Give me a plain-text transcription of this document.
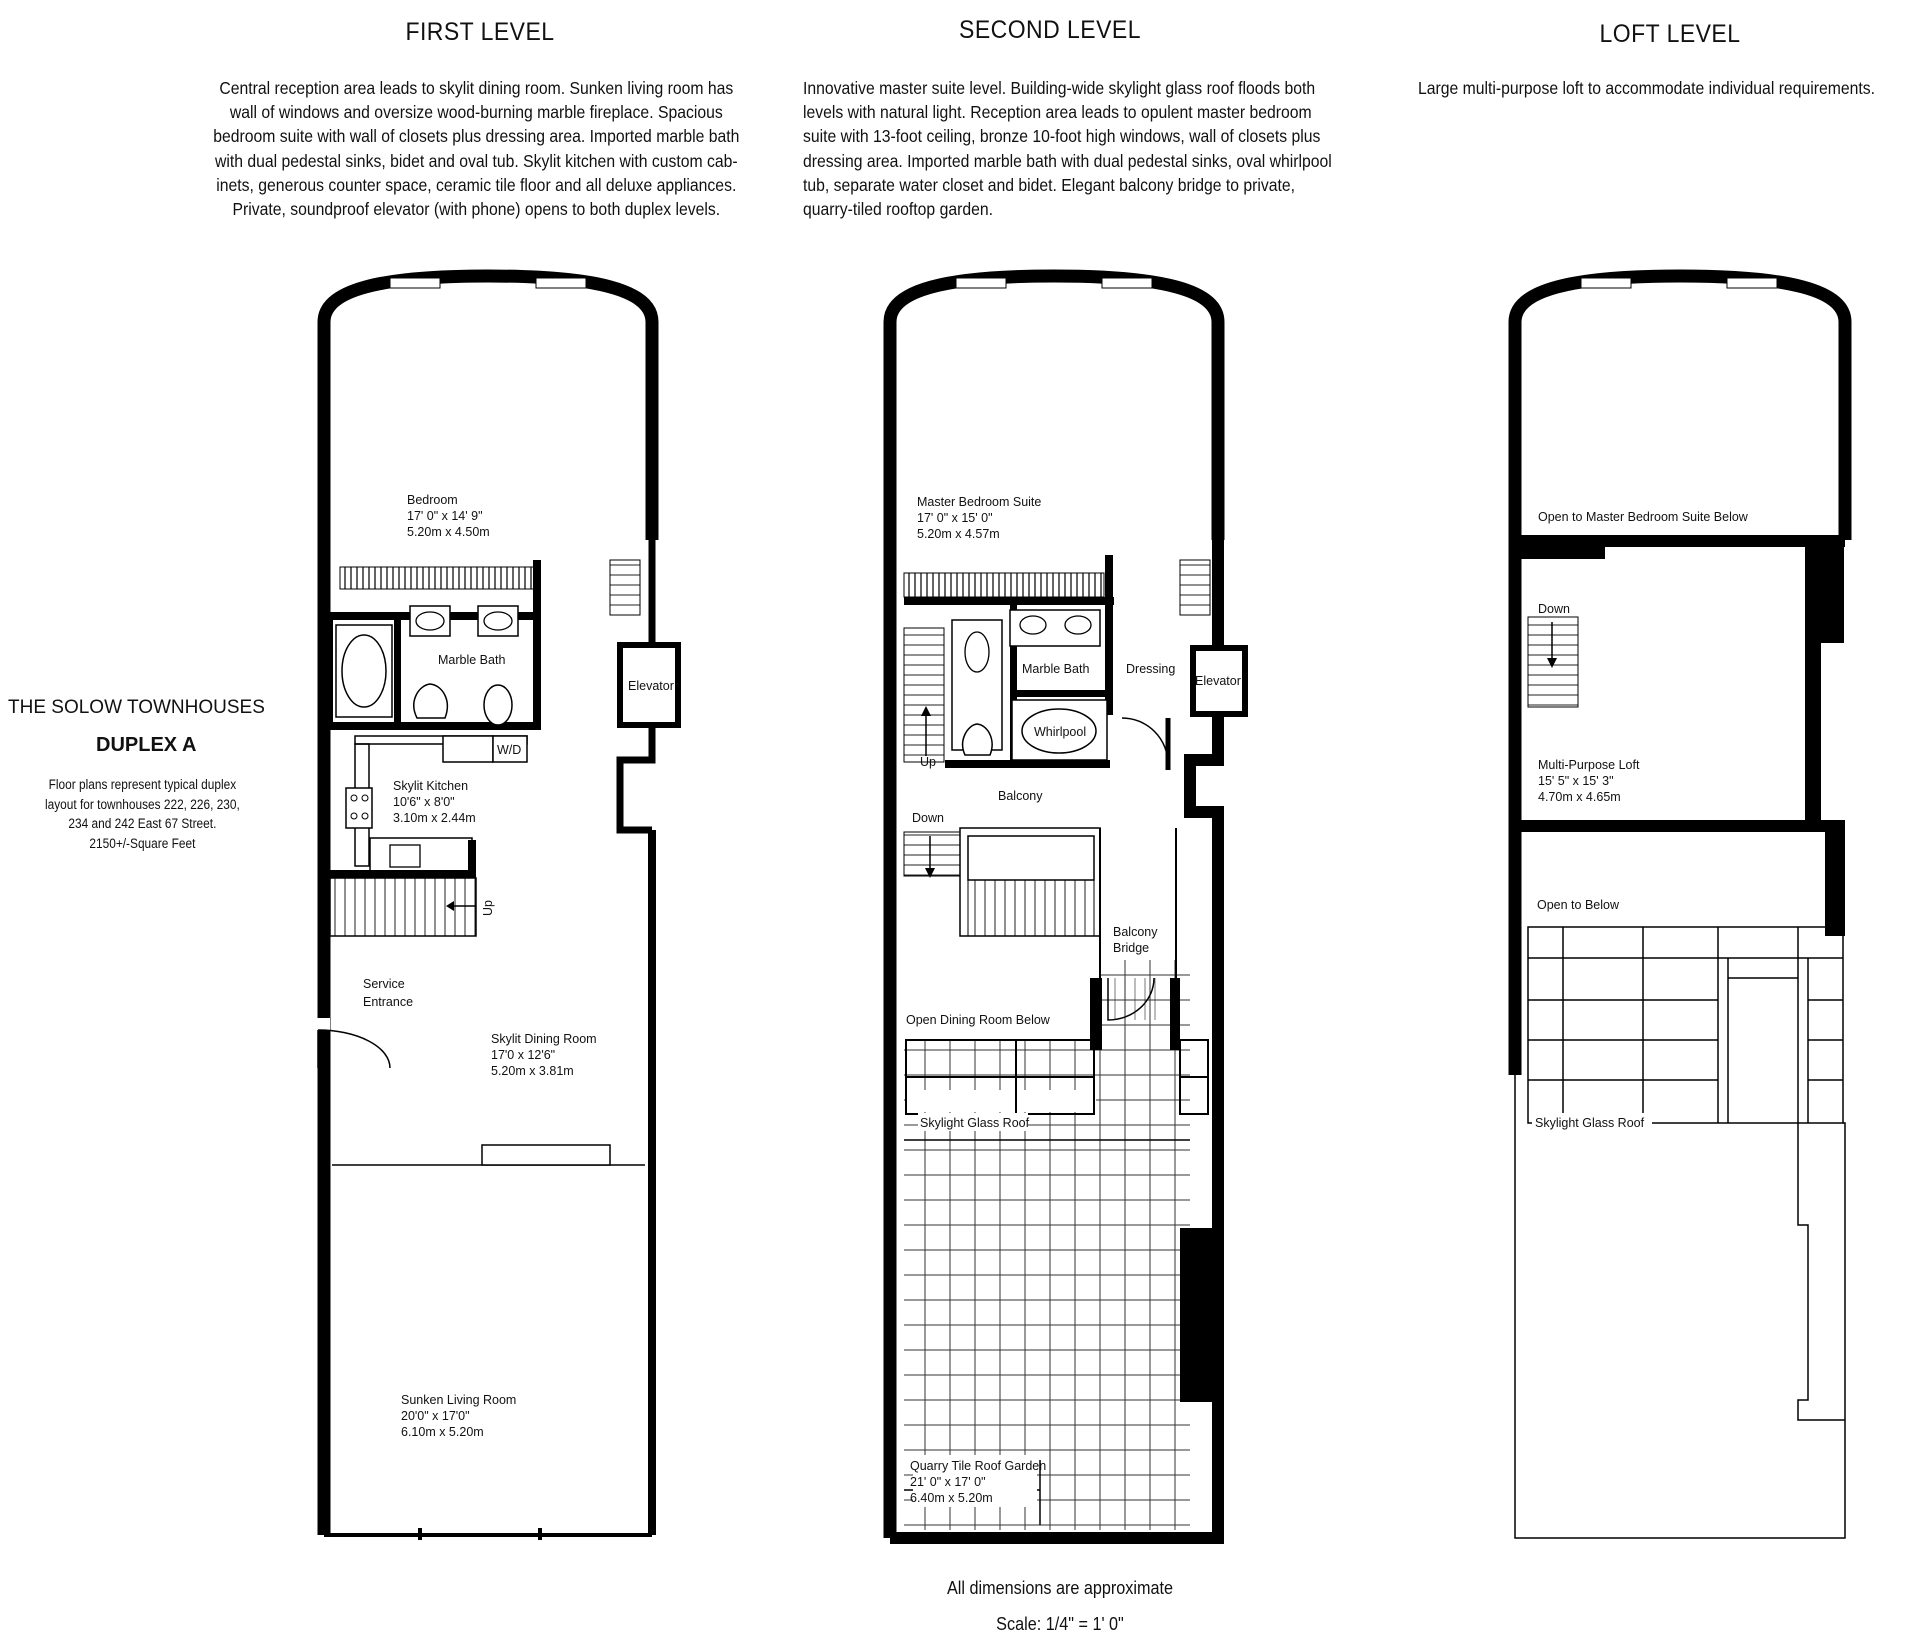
FIRST LEVEL	SECOND LEVEL	LOFT LEVEL
Central reception area leads to skylit dining room. Sunken living room has
wall of windows and oversize wood-burning marble fireplace. Spacious
bedroom suite with wall of closets plus dressing area. Imported marble bath
with dual pedestal sinks, bidet and oval tub. Skylit kitchen with custom cab-
inets, generous counter space, ceramic tile floor and all deluxe appliances.
Private, soundproof elevator (with phone) opens to both duplex levels.
Innovative master suite level. Building-wide skylight glass roof floods both
levels with natural light. Reception area leads to opulent master bedroom
suite with 13-foot ceiling, bronze 10-foot high windows, wall of closets plus
dressing area. Imported marble bath with dual pedestal sinks, oval whirlpool
tub, separate water closet and bidet. Elegant balcony bridge to private,
quarry-tiled rooftop garden.
Large multi-purpose loft to accommodate individual requirements.
THE SOLOW TOWNHOUSES
DUPLEX A
Floor plans represent typical duplex
layout for townhouses 222, 226, 230,
234 and 242 East 67 Street.
2150+/-Square Feet
All dimensions are approximate
Scale: 1/4" = 1' 0"
Bedroom
17' 0" x 14' 9"
5.20m x 4.50m
Marble Bath
Elevator
W/D
Skylit Kitchen
10'6" x 8'0"
3.10m x 2.44m
Up
Service
Entrance
Skylit Dining Room
17'0 x 12'6"
5.20m x 3.81m
Sunken Living Room
20'0" x 17'0"
6.10m x 5.20m
Master Bedroom Suite
17' 0" x 15' 0"
5.20m x 4.57m
Marble Bath	Dressing
Elevator
Whirlpool
Up
Balcony
Down
Balcony
Bridge
Open Dining Room Below
Skylight Glass Roof
Quarry Tile Roof Garden
21' 0" x 17' 0"
6.40m x 5.20m
Open to Master Bedroom Suite Below
Down
Multi-Purpose Loft
15' 5" x 15' 3"
4.70m x 4.65m
Open to Below
Skylight Glass Roof
